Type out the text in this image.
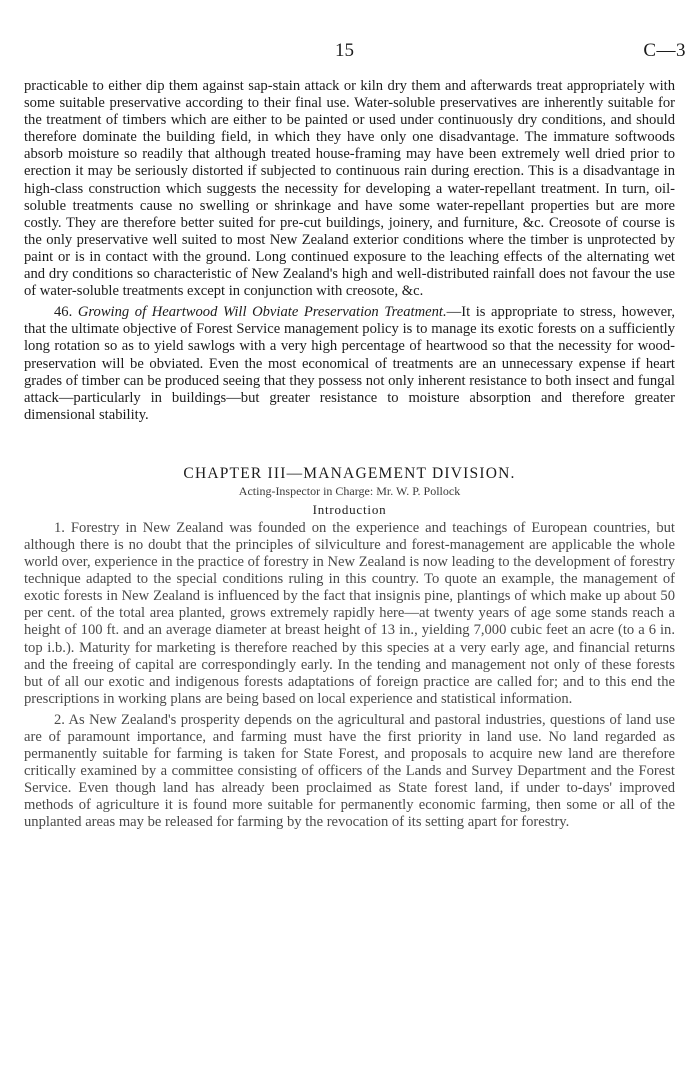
15	C—3

practicable to either dip them against sap-stain attack or kiln dry them and afterwards treat appropriately with some suitable preservative according to their final use. Water-soluble preservatives are inherently suitable for the treatment of timbers which are either to be painted or used under continuously dry conditions, and should therefore dominate the building field, in which they have only one disadvantage. The immature softwoods absorb moisture so readily that although treated house-framing may have been extremely well dried prior to erection it may be seriously distorted if subjected to continuous rain during erection. This is a disadvantage in high-class construction which suggests the necessity for developing a water-repellant treatment. In turn, oil-soluble treatments cause no swelling or shrinkage and have some water-repellant properties but are more costly. They are therefore better suited for pre-cut buildings, joinery, and furniture, &c. Creosote of course is the only preservative well suited to most New Zealand exterior conditions where the timber is unprotected by paint or is in contact with the ground. Long continued exposure to the leaching effects of the alternating wet and dry conditions so characteristic of New Zealand's high and well-distributed rainfall does not favour the use of water-soluble treatments except in conjunction with creosote, &c.

46. Growing of Heartwood Will Obviate Preservation Treatment.—It is appropriate to stress, however, that the ultimate objective of Forest Service management policy is to manage its exotic forests on a sufficiently long rotation so as to yield sawlogs with a very high percentage of heartwood so that the necessity for wood-preservation will be obviated. Even the most economical of treatments are an unnecessary expense if heart grades of timber can be produced seeing that they possess not only inherent resistance to both insect and fungal attack—particularly in buildings—but greater resistance to moisture absorption and therefore greater dimensional stability.

CHAPTER III—MANAGEMENT DIVISION.
Acting-Inspector in Charge: Mr. W. P. Pollock
Introduction

1. Forestry in New Zealand was founded on the experience and teachings of European countries, but although there is no doubt that the principles of silviculture and forest-management are applicable the whole world over, experience in the practice of forestry in New Zealand is now leading to the development of forestry technique adapted to the special conditions ruling in this country. To quote an example, the management of exotic forests in New Zealand is influenced by the fact that insignis pine, plantings of which make up about 50 per cent. of the total area planted, grows extremely rapidly here—at twenty years of age some stands reach a height of 100 ft. and an average diameter at breast height of 13 in., yielding 7,000 cubic feet an acre (to a 6 in. top i.b.). Maturity for marketing is therefore reached by this species at a very early age, and financial returns and the freeing of capital are correspondingly early. In the tending and management not only of these forests but of all our exotic and indigenous forests adaptations of foreign practice are called for; and to this end the prescriptions in working plans are being based on local experience and statistical information.

2. As New Zealand's prosperity depends on the agricultural and pastoral industries, questions of land use are of paramount importance, and farming must have the first priority in land use. No land regarded as permanently suitable for farming is taken for State Forest, and proposals to acquire new land are therefore critically examined by a committee consisting of officers of the Lands and Survey Department and the Forest Service. Even though land has already been proclaimed as State forest land, if under to-days' improved methods of agriculture it is found more suitable for permanently economic farming, then some or all of the unplanted areas may be released for farming by the revocation of its setting apart for forestry.
